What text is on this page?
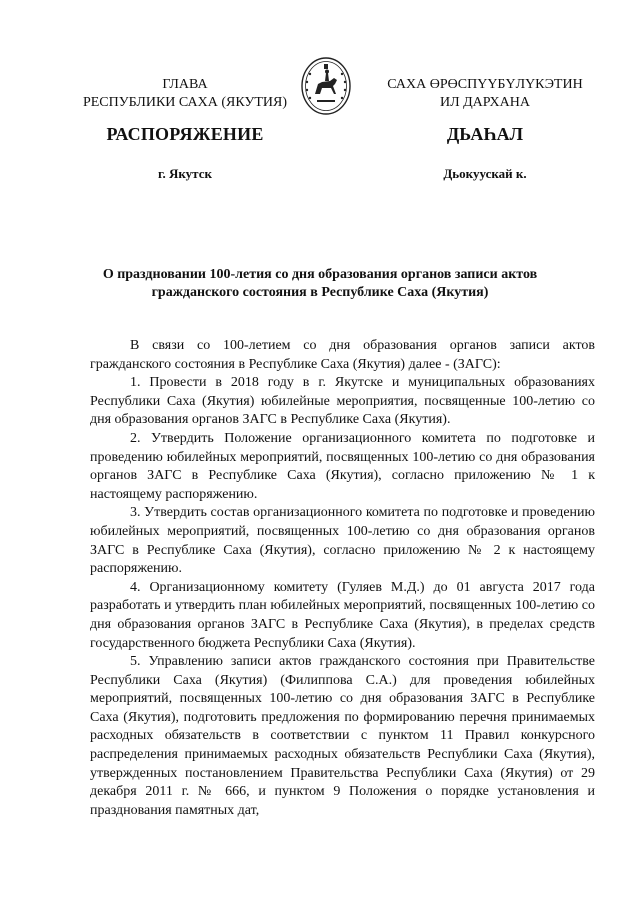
ГЛАВА
РЕСПУБЛИКИ САХА (ЯКУТИЯ)
САХА ӨРӨСПҮҮБҮЛҮКЭТИН
ИЛ ДАРХАНА
РАСПОРЯЖЕНИЕ	ДЬАҺАЛ
г. Якутск	Дьокуускай к.
О праздновании 100-летия со дня образования органов записи актов
гражданского состояния в Республике Саха (Якутия)

В связи со 100-летием со дня образования органов записи актов гражданского состояния в Республике Саха (Якутия) далее - (ЗАГС):

1. Провести в 2018 году в г. Якутске и муниципальных образованиях Республики Саха (Якутия) юбилейные мероприятия, посвященные 100-летию со дня образования органов ЗАГС в Республике Саха (Якутия).

2. Утвердить Положение организационного комитета по подготовке и проведению юбилейных мероприятий, посвященных 100-летию со дня образования органов ЗАГС в Республике Саха (Якутия), согласно приложению № 1 к настоящему распоряжению.

3. Утвердить состав организационного комитета по подготовке и проведению юбилейных мероприятий, посвященных 100-летию со дня образования органов ЗАГС в Республике Саха (Якутия), согласно приложению № 2 к настоящему распоряжению.

4. Организационному комитету (Гуляев М.Д.) до 01 августа 2017 года разработать и утвердить план юбилейных мероприятий, посвященных 100-летию со дня образования органов ЗАГС в Республике Саха (Якутия), в пределах средств государственного бюджета Республики Саха (Якутия).

5. Управлению записи актов гражданского состояния при Правительстве Республики Саха (Якутия) (Филиппова С.А.) для проведения юбилейных мероприятий, посвященных 100-летию со дня образования ЗАГС в Республике Саха (Якутия), подготовить предложения по формированию перечня принимаемых расходных обязательств в соответствии с пунктом 11 Правил конкурсного распределения принимаемых расходных обязательств Республики Саха (Якутия), утвержденных постановлением Правительства Республики Саха (Якутия) от 29 декабря 2011 г. № 666, и пунктом 9 Положения о порядке установления и празднования памятных дат,
